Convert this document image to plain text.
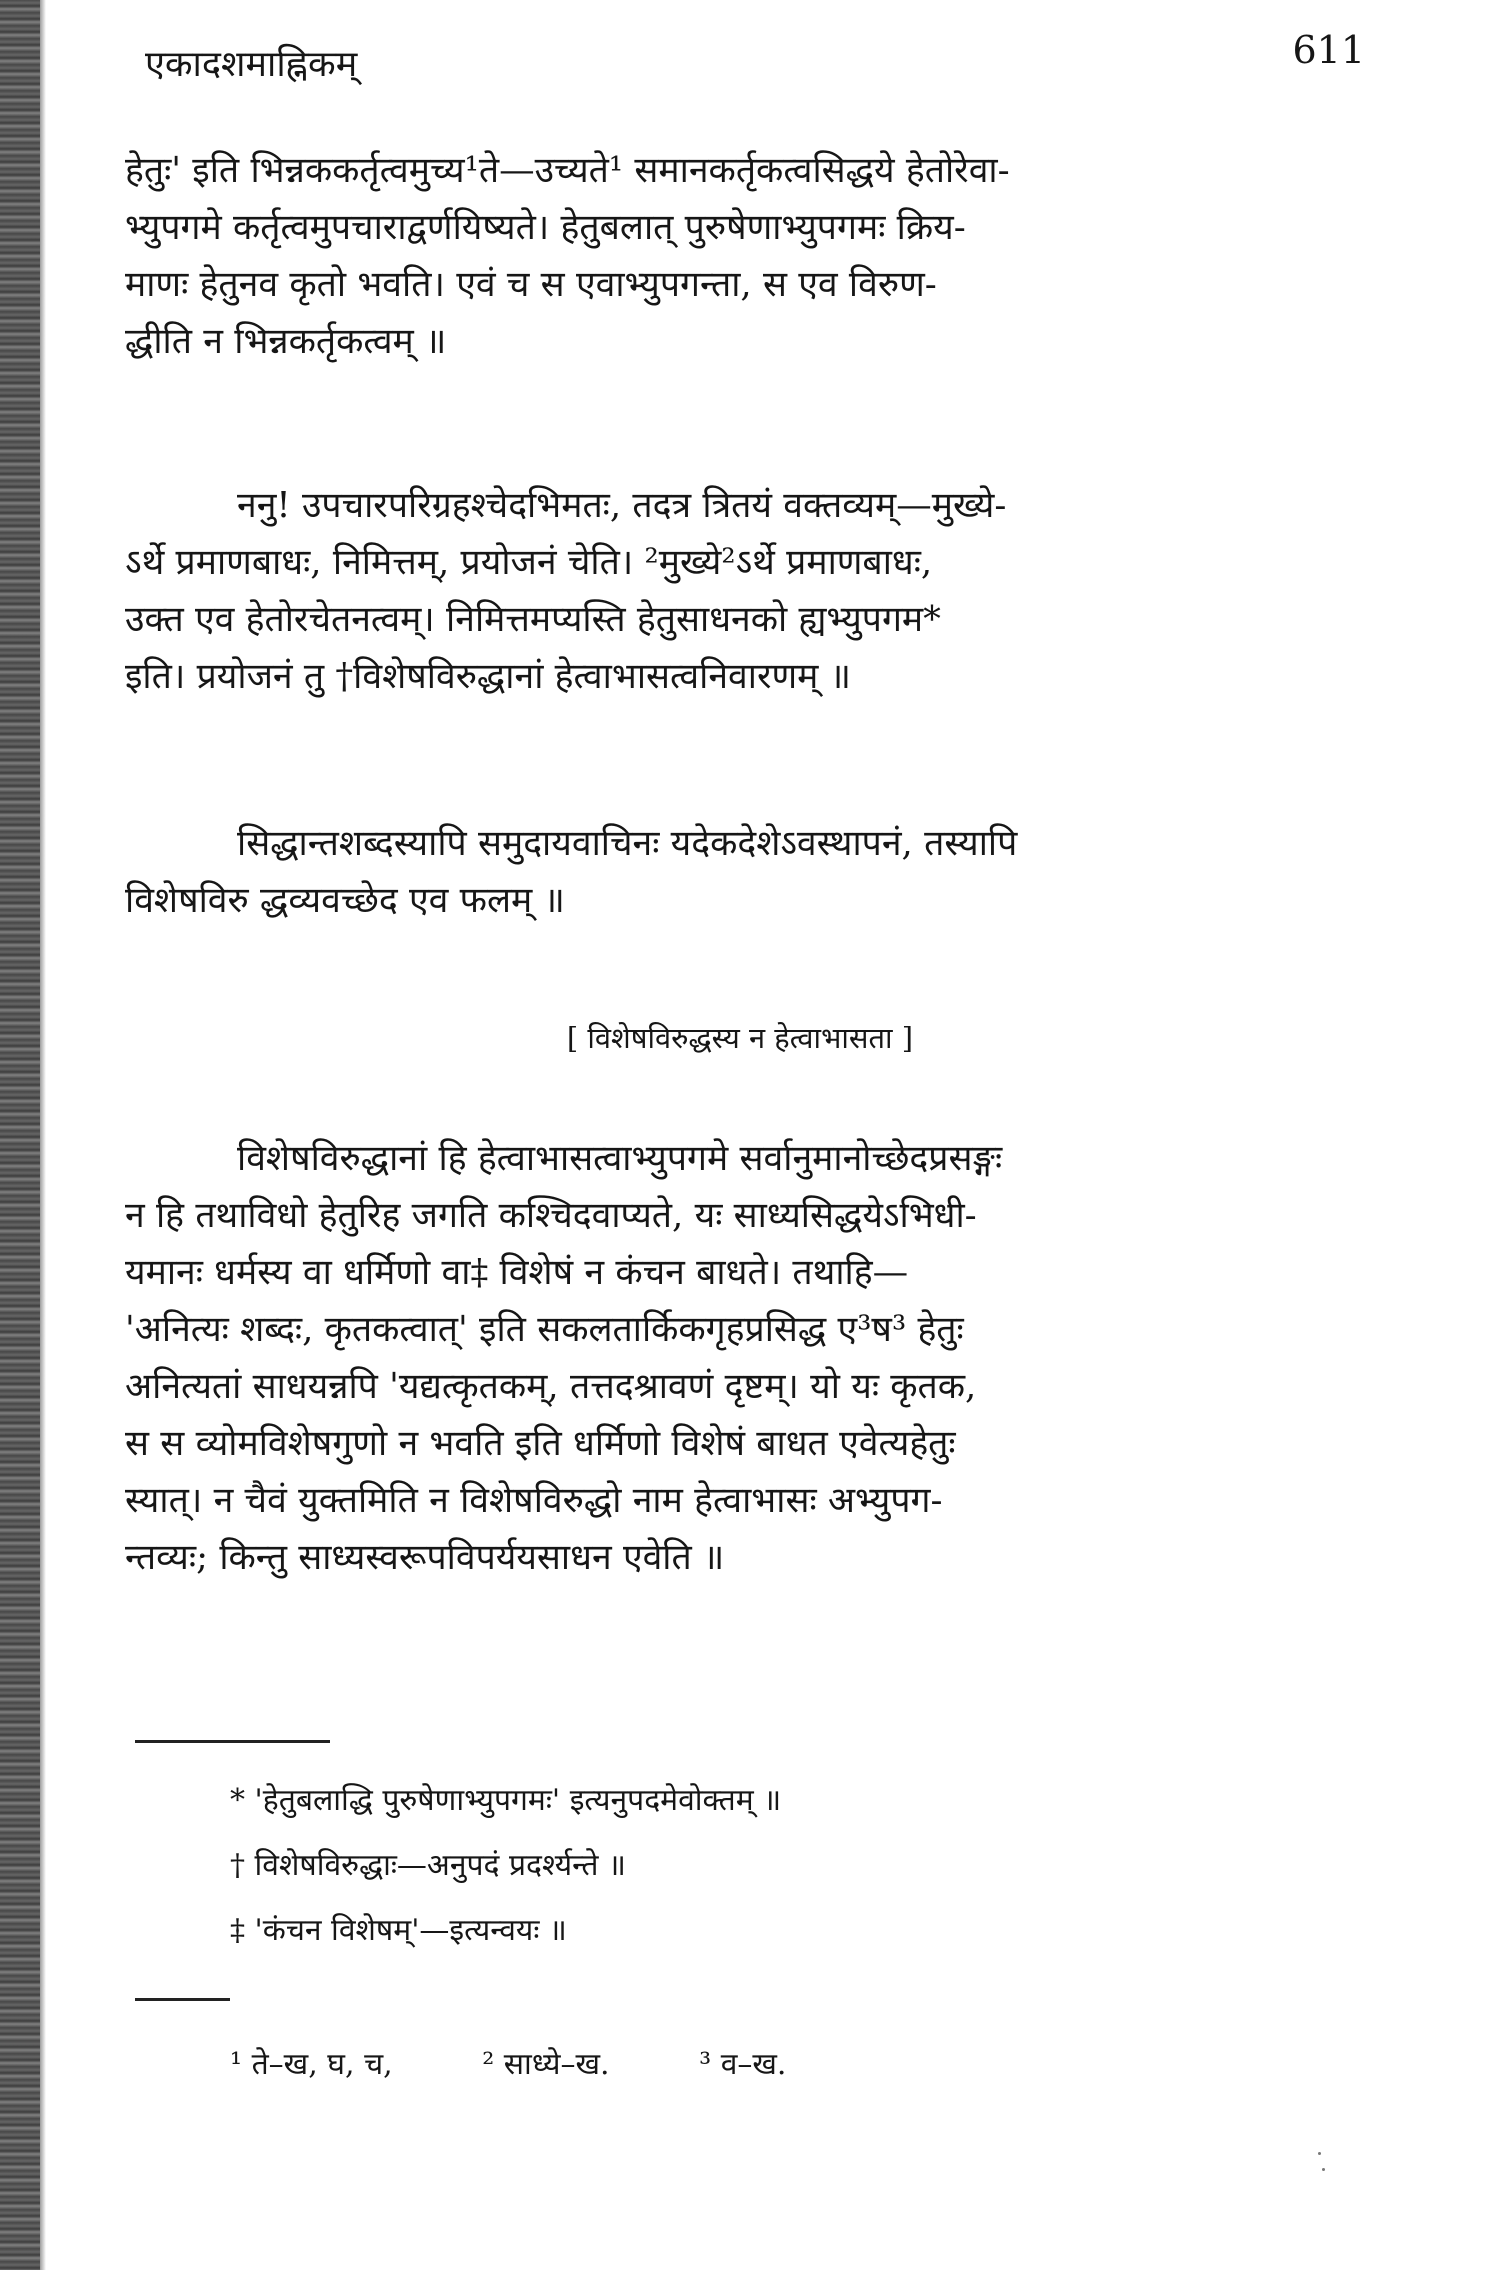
एकादशमाह्निकम्	611
हेतुः' इति भिन्नककर्तृत्वमुच्य¹ते—उच्यते¹ समानकर्तृकत्वसिद्धये हेतोरेवा-
भ्युपगमे कर्तृत्वमुपचाराद्वर्णयिष्यते। हेतुबलात् पुरुषेणाभ्युपगमः क्रिय-
माणः हेतुनव कृतो भवति। एवं च स एवाभ्युपगन्ता, स एव विरुण-
द्धीति न भिन्नकर्तृकत्वम् ॥
ननु! उपचारपरिग्रहश्चेदभिमतः, तदत्र त्रितयं वक्तव्यम्—मुख्ये-
ऽर्थे प्रमाणबाधः, निमित्तम्, प्रयोजनं चेति। ²मुख्ये²ऽर्थे प्रमाणबाधः,
उक्त एव हेतोरचेतनत्वम्। निमित्तमप्यस्ति हेतुसाधनको ह्यभ्युपगम*
इति। प्रयोजनं तु †विशेषविरुद्धानां हेत्वाभासत्वनिवारणम् ॥
सिद्धान्तशब्दस्यापि समुदायवाचिनः यदेकदेशेऽवस्थापनं, तस्यापि
विशेषविरु द्धव्यवच्छेद एव फलम् ॥
[ विशेषविरुद्धस्य न हेत्वाभासता ]
विशेषविरुद्धानां हि हेत्वाभासत्वाभ्युपगमे सर्वानुमानोच्छेदप्रसङ्गः
न हि तथाविधो हेतुरिह जगति कश्चिदवाप्यते, यः साध्यसिद्धयेऽभिधी-
यमानः धर्मस्य वा धर्मिणो वा‡ विशेषं न कंचन बाधते। तथाहि—
'अनित्यः शब्दः, कृतकत्वात्' इति सकलतार्किकगृहप्रसिद्ध ए³ष³ हेतुः
अनित्यतां साधयन्नपि 'यद्यत्कृतकम्, तत्तदश्रावणं दृष्टम्। यो यः कृतक,
स स व्योमविशेषगुणो न भवति इति धर्मिणो विशेषं बाधत एवेत्यहेतुः
स्यात्। न चैवं युक्तमिति न विशेषविरुद्धो नाम हेत्वाभासः अभ्युपग-
न्तव्यः; किन्तु साध्यस्वरूपविपर्ययसाधन एवेति ॥
* 'हेतुबलाद्धि पुरुषेणाभ्युपगमः' इत्यनुपदमेवोक्तम् ॥
† विशेषविरुद्धाः—अनुपदं प्रदर्श्यन्ते ॥
‡ 'कंचन विशेषम्'—इत्यन्वयः ॥
¹ ते–ख, घ, च,	² साध्ये–ख.	³ व–ख.
